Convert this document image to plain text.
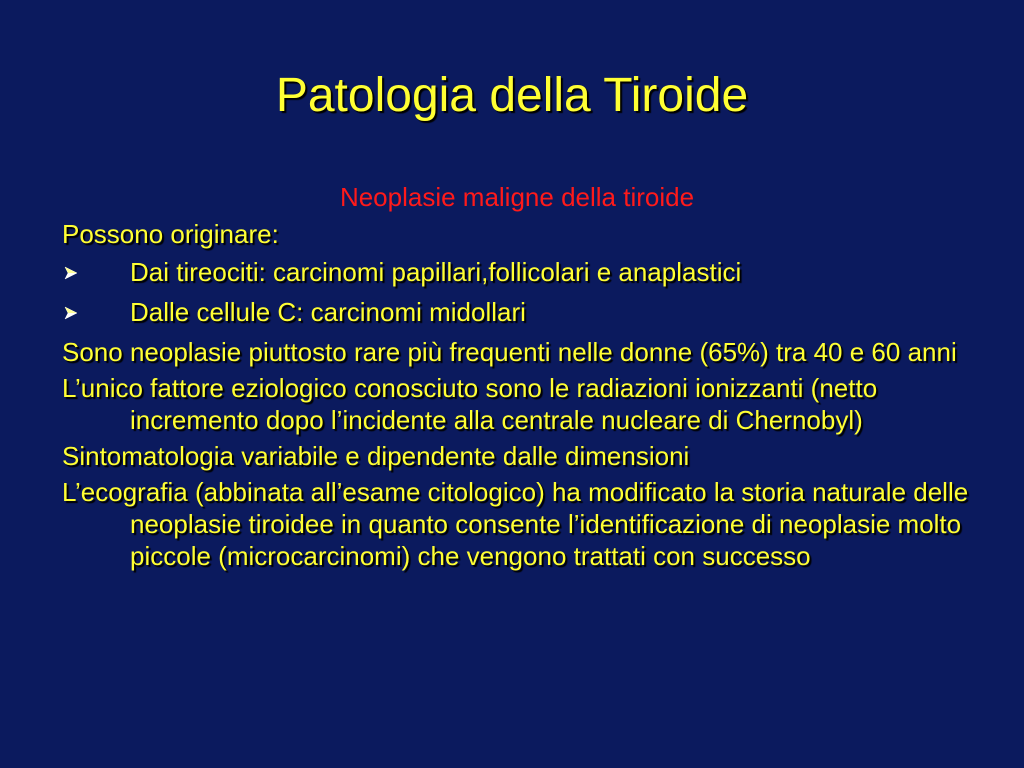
Patologia della Tiroide
Neoplasie maligne della tiroide
Possono originare:
Dai tireociti: carcinomi papillari,follicolari e anaplastici
Dalle cellule C: carcinomi midollari
Sono neoplasie piuttosto rare più frequenti nelle donne (65%) tra 40 e 60 anni
L’unico fattore eziologico conosciuto sono le radiazioni ionizzanti (netto incremento dopo l’incidente alla centrale nucleare di Chernobyl)
Sintomatologia variabile e dipendente dalle dimensioni
L’ecografia (abbinata all’esame citologico) ha modificato la storia naturale delle neoplasie tiroidee in quanto consente l’identificazione di neoplasie molto piccole (microcarcinomi) che vengono trattati con successo
